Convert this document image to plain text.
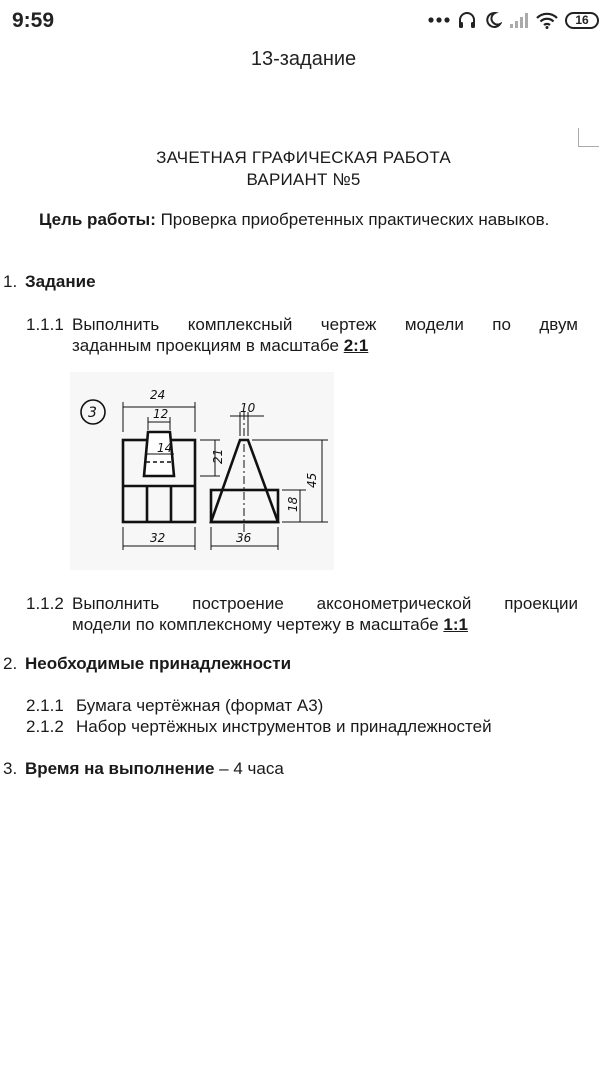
9:59	16
13-задание
ЗАЧЕТНАЯ ГРАФИЧЕСКАЯ РАБОТА
ВАРИАНТ №5
Цель работы: Проверка приобретенных практических навыков.
1. Задание
1.1.1 Выполнить комплексный чертеж модели по двум
заданным проекциям в масштабе 2:1
3
24
12
14
21
32
10
45
18
36
1.1.2 Выполнить построение аксонометрической проекции
модели по комплексному чертежу в масштабе 1:1
2. Необходимые принадлежности
2.1.1 Бумага чертёжная (формат А3)
2.1.2 Набор чертёжных инструментов и принадлежностей
3. Время на выполнение – 4 часа
